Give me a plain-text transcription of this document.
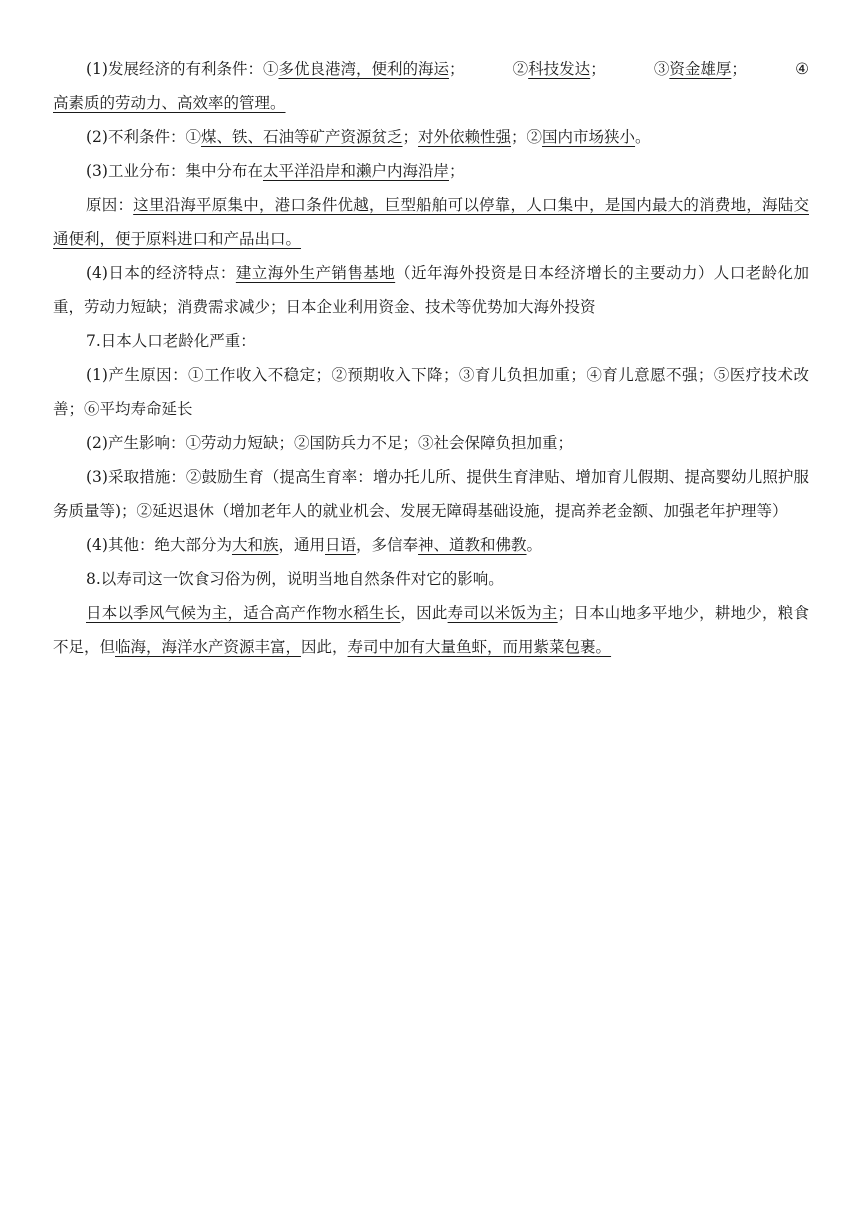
(1)发展经济的有利条件：①多优良港湾，便利的海运；	②科技发达；	③资金雄厚；	④

高素质的劳动力、高效率的管理。

(2)不利条件：①煤、铁、石油等矿产资源贫乏；对外依赖性强；②国内市场狭小。

(3)工业分布：集中分布在太平洋沿岸和濑户内海沿岸；

原因：这里沿海平原集中，港口条件优越，巨型船舶可以停靠，人口集中，是国内最大的消费地，海陆交通便利，便于原料进口和产品出口。

(4)日本的经济特点：建立海外生产销售基地（近年海外投资是日本经济增长的主要动力）人口老龄化加重，劳动力短缺；消费需求减少；日本企业利用资金、技术等优势加大海外投资

7.日本人口老龄化严重：

(1)产生原因：①工作收入不稳定；②预期收入下降；③育儿负担加重；④育儿意愿不强；⑤医疗技术改善；⑥平均寿命延长

(2)产生影响：①劳动力短缺；②国防兵力不足；③社会保障负担加重；

(3)采取措施：②鼓励生育（提高生育率：增办托儿所、提供生育津贴、增加育儿假期、提高婴幼儿照护服务质量等)；②延迟退休（增加老年人的就业机会、发展无障碍基础设施，提高养老金额、加强老年护理等）

(4)其他：绝大部分为大和族，通用日语，多信奉神、道教和佛教。

8.以寿司这一饮食习俗为例，说明当地自然条件对它的影响。

日本以季风气候为主，适合高产作物水稻生长，因此寿司以米饭为主；日本山地多平地少，耕地少，粮食不足，但临海，海洋水产资源丰富，因此，寿司中加有大量鱼虾，而用紫菜包裹。
